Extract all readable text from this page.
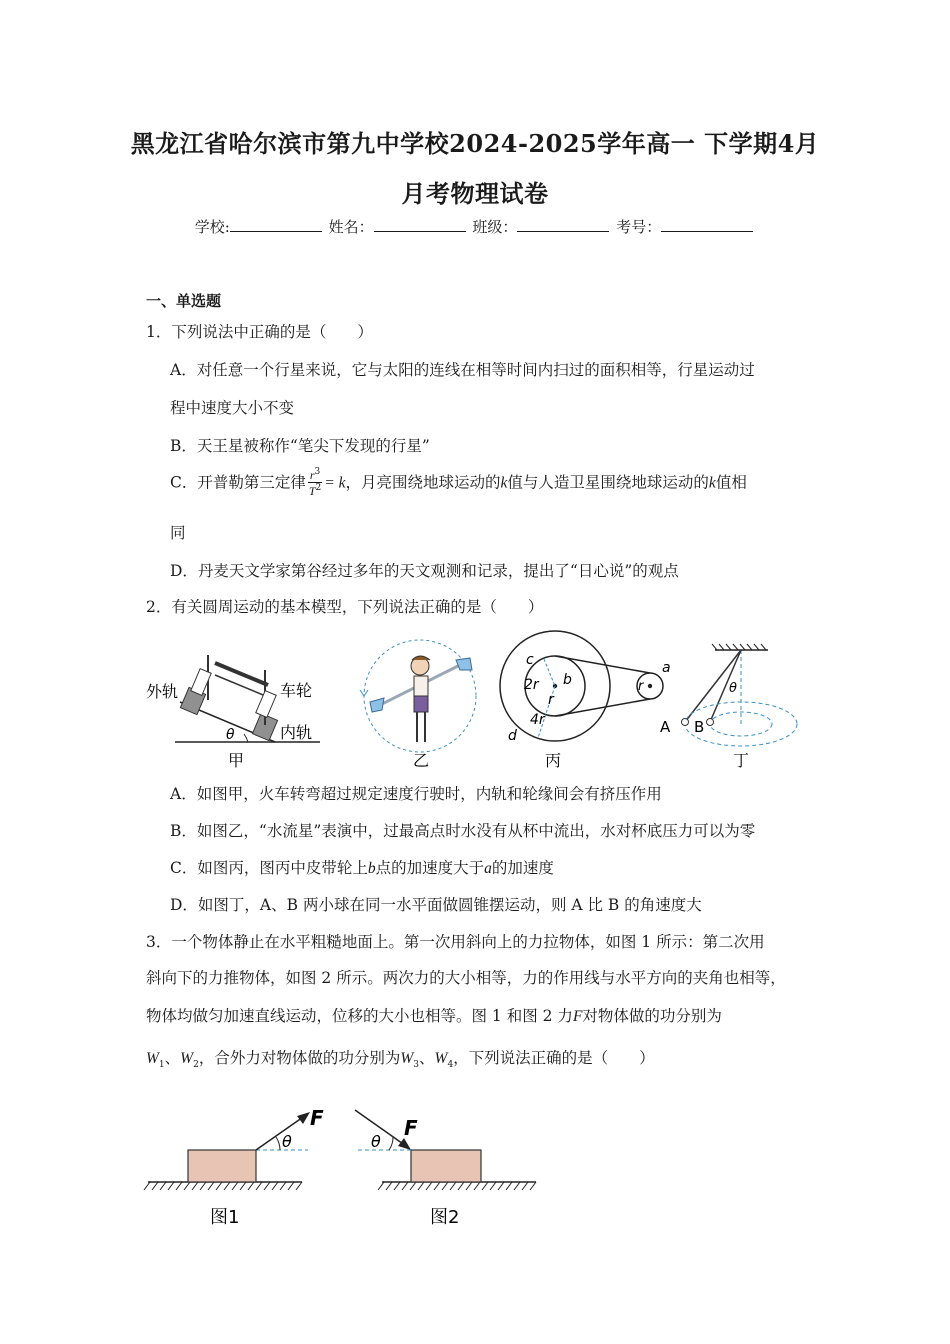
黑龙江省哈尔滨市第九中学校2024-2025学年高一 下学期4月
月考物理试卷
学校:	姓名：	班级：	考号：
一、单选题
1．下列说法中正确的是（　　）
A．对任意一个行星来说，它与太阳的连线在相等时间内扫过的面积相等，行星运动过
程中速度大小不变
B．天王星被称作“笔尖下发现的行星”
C．开普勒第三定律 $\frac{r^3}{T^2} = k$，月亮围绕地球运动的k值与人造卫星围绕地球运动的k值相
同
D．丹麦天文学家第谷经过多年的天文观测和记录，提出了“日心说”的观点
2．有关圆周运动的基本模型，下列说法正确的是（　　）
θ
外轨	车轮
内轨
甲	乙
c
2r b
r
4r
d
a
r
丙
θ
A B
丁
A．如图甲，火车转弯超过规定速度行驶时，内轨和轮缘间会有挤压作用
B．如图乙，“水流星”表演中，过最高点时水没有从杯中流出，水对杯底压力可以为零
C．如图丙，图丙中皮带轮上b点的加速度大于a的加速度
D．如图丁，A、B 两小球在同一水平面做圆锥摆运动，则 A 比 B 的角速度大
3．一个物体静止在水平粗糙地面上。第一次用斜向上的力拉物体，如图 1 所示：第二次用
斜向下的力推物体，如图 2 所示。两次力的大小相等，力的作用线与水平方向的夹角也相等，
物体均做匀加速直线运动，位移的大小也相等。图 1 和图 2 力F对物体做的功分别为
$W_1$、$W_2$，合外力对物体做的功分别为$W_3$、$W_4$，下列说法正确的是（　　）
θ
F
图1
θ
F
图2
